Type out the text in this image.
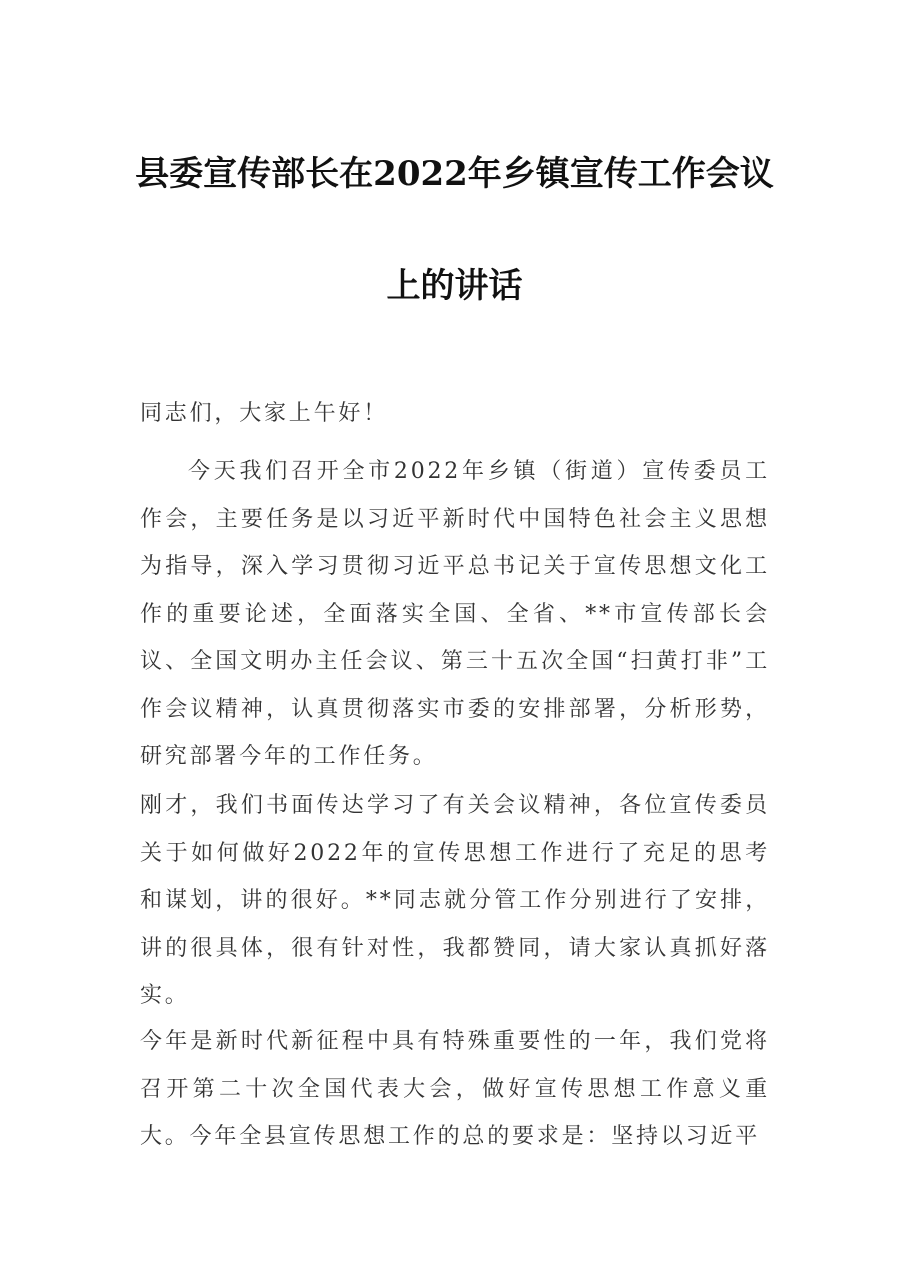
县委宣传部长在2022年乡镇宣传工作会议
上的讲话
同志们，大家上午好！
今天我们召开全市2022年乡镇（街道）宣传委员工作会，主要任务是以习近平新时代中国特色社会主义思想为指导，深入学习贯彻习近平总书记关于宣传思想文化工作的重要论述，全面落实全国、全省、**市宣传部长会议、全国文明办主任会议、第三十五次全国“扫黄打非”工作会议精神，认真贯彻落实市委的安排部署，分析形势，研究部署今年的工作任务。
刚才，我们书面传达学习了有关会议精神，各位宣传委员关于如何做好2022年的宣传思想工作进行了充足的思考和谋划，讲的很好。**同志就分管工作分别进行了安排，讲的很具体，很有针对性，我都赞同，请大家认真抓好落实。
今年是新时代新征程中具有特殊重要性的一年，我们党将召开第二十次全国代表大会，做好宣传思想工作意义重大。今年全县宣传思想工作的总的要求是：坚持以习近平
